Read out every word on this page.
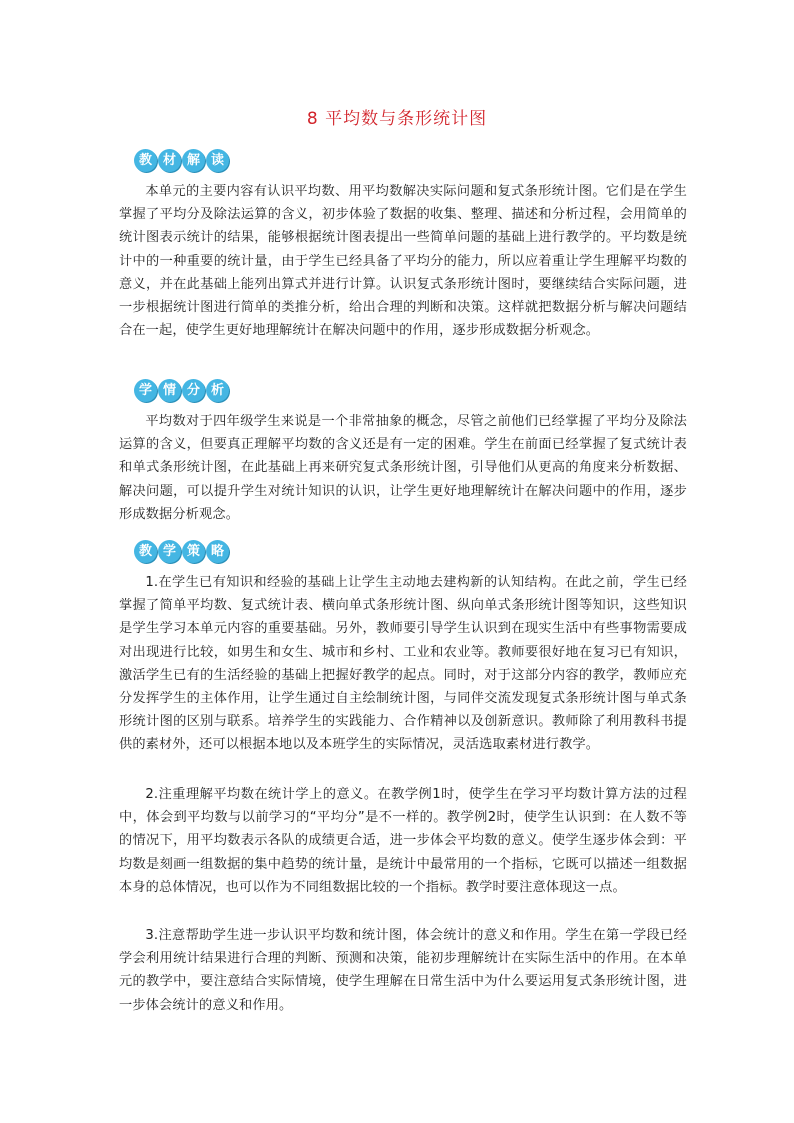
8 平均数与条形统计图
教 材 解 读

本单元的主要内容有认识平均数、用平均数解决实际问题和复式条形统计图。它们是在学生掌握了平均分及除法运算的含义，初步体验了数据的收集、整理、描述和分析过程，会用简单的统计图表示统计的结果，能够根据统计图表提出一些简单问题的基础上进行教学的。平均数是统计中的一种重要的统计量，由于学生已经具备了平均分的能力，所以应着重让学生理解平均数的意义，并在此基础上能列出算式并进行计算。认识复式条形统计图时，要继续结合实际问题，进一步根据统计图进行简单的类推分析，给出合理的判断和决策。这样就把数据分析与解决问题结合在一起，使学生更好地理解统计在解决问题中的作用，逐步形成数据分析观念。

学 情 分 析

平均数对于四年级学生来说是一个非常抽象的概念，尽管之前他们已经掌握了平均分及除法运算的含义，但要真正理解平均数的含义还是有一定的困难。学生在前面已经掌握了复式统计表和单式条形统计图，在此基础上再来研究复式条形统计图，引导他们从更高的角度来分析数据、解决问题，可以提升学生对统计知识的认识，让学生更好地理解统计在解决问题中的作用，逐步形成数据分析观念。

教 学 策 略

1.在学生已有知识和经验的基础上让学生主动地去建构新的认知结构。在此之前，学生已经掌握了简单平均数、复式统计表、横向单式条形统计图、纵向单式条形统计图等知识，这些知识是学生学习本单元内容的重要基础。另外，教师要引导学生认识到在现实生活中有些事物需要成对出现进行比较，如男生和女生、城市和乡村、工业和农业等。教师要很好地在复习已有知识，激活学生已有的生活经验的基础上把握好教学的起点。同时，对于这部分内容的教学，教师应充分发挥学生的主体作用，让学生通过自主绘制统计图，与同伴交流发现复式条形统计图与单式条形统计图的区别与联系。培养学生的实践能力、合作精神以及创新意识。教师除了利用教科书提供的素材外，还可以根据本地以及本班学生的实际情况，灵活选取素材进行教学。

2.注重理解平均数在统计学上的意义。在教学例1时，使学生在学习平均数计算方法的过程中，体会到平均数与以前学习的“平均分”是不一样的。教学例2时，使学生认识到：在人数不等的情况下，用平均数表示各队的成绩更合适，进一步体会平均数的意义。使学生逐步体会到：平均数是刻画一组数据的集中趋势的统计量，是统计中最常用的一个指标，它既可以描述一组数据本身的总体情况，也可以作为不同组数据比较的一个指标。教学时要注意体现这一点。

3.注意帮助学生进一步认识平均数和统计图，体会统计的意义和作用。学生在第一学段已经学会利用统计结果进行合理的判断、预测和决策，能初步理解统计在实际生活中的作用。在本单元的教学中，要注意结合实际情境，使学生理解在日常生活中为什么要运用复式条形统计图，进一步体会统计的意义和作用。
